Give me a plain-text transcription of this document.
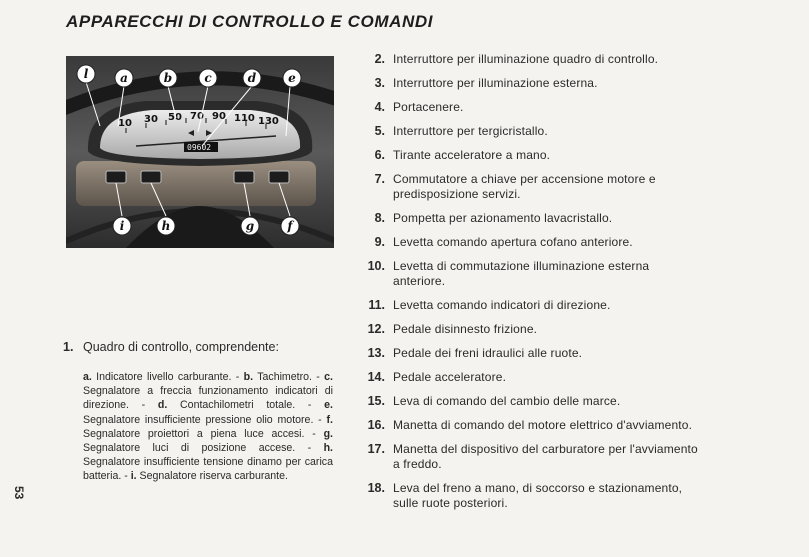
APPARECCHI DI CONTROLLO E COMANDI
10 30 50 70 90 110 130
09602
l	a	b	c	d	e
i	h	g	f
1. Quadro di controllo, comprendente:
a. Indicatore livello carburante. - b. Tachimetro. - c. Segnalatore a freccia funzionamento indicatori di direzione. - d. Contachilometri totale. - e. Segnalatore insufficiente pressione olio motore. - f. Segnalatore proiettori a piena luce accesi. - g. Segnalatore luci di posizione accese. - h. Segnalatore insufficiente tensione dinamo per carica batteria. - i. Segnalatore riserva carburante.
2. Interruttore per illuminazione quadro di controllo.
3. Interruttore per illuminazione esterna.
4. Portacenere.
5. Interruttore per tergicristallo.
6. Tirante acceleratore a mano.
7. Commutatore a chiave per accensione motore e predisposizione servizi.
8. Pompetta per azionamento lavacristallo.
9. Levetta comando apertura cofano anteriore.
10. Levetta di commutazione illuminazione esterna anteriore.
11. Levetta comando indicatori di direzione.
12. Pedale disinnesto frizione.
13. Pedale dei freni idraulici alle ruote.
14. Pedale acceleratore.
15. Leva di comando del cambio delle marce.
16. Manetta di comando del motore elettrico d'avviamento.
17. Manetta del dispositivo del carburatore per l'avviamento a freddo.
18. Leva del freno a mano, di soccorso e stazionamento, sulle ruote posteriori.
53
